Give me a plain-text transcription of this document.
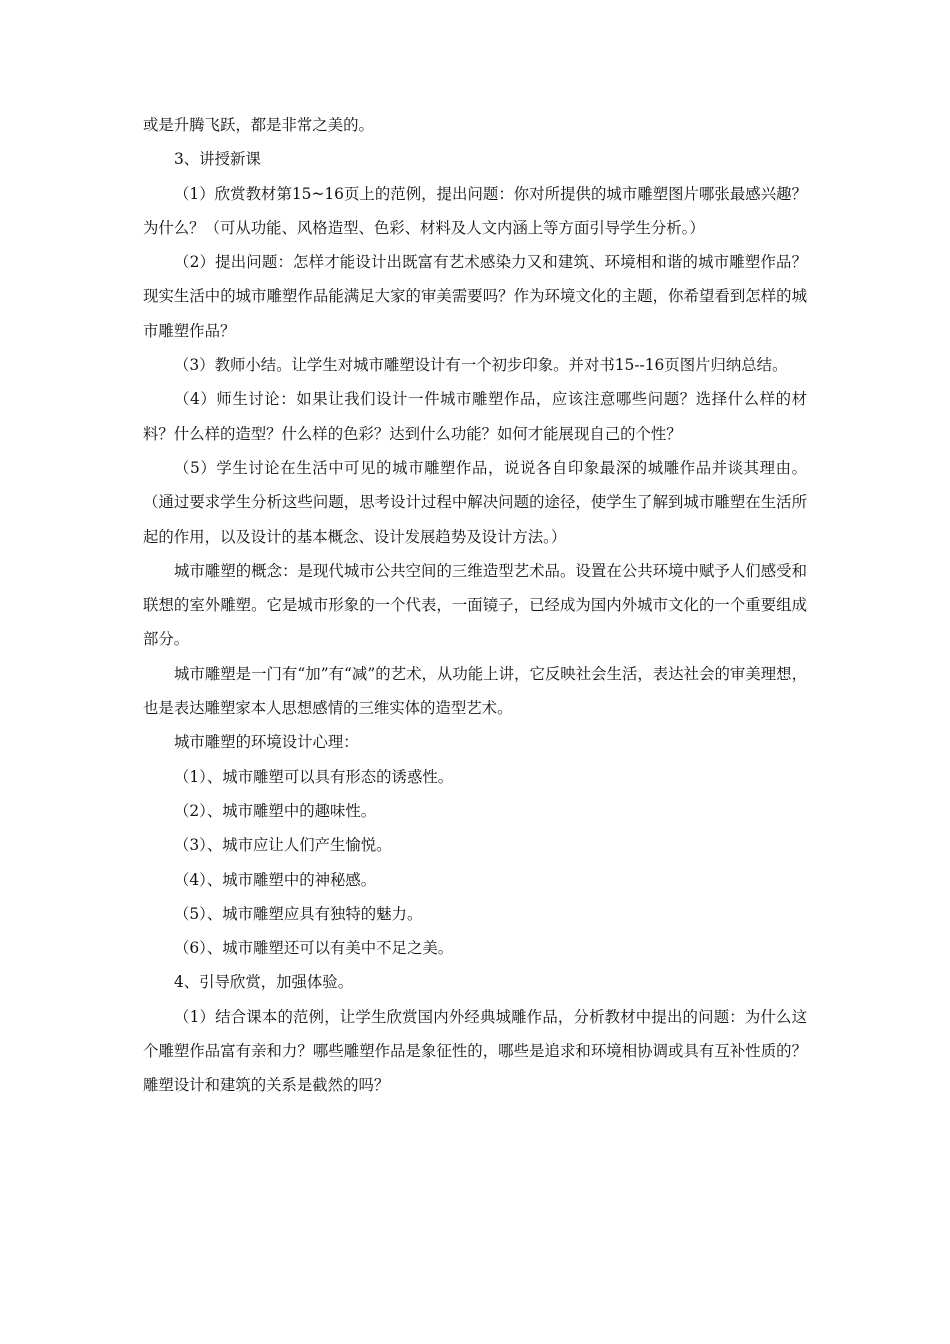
或是升腾飞跃，都是非常之美的。

3、讲授新课

（1）欣赏教材第15~16页上的范例，提出问题：你对所提供的城市雕塑图片哪张最感兴趣？为什么？（可从功能、风格造型、色彩、材料及人文内涵上等方面引导学生分析。）

（2）提出问题：怎样才能设计出既富有艺术感染力又和建筑、环境相和谐的城市雕塑作品？现实生活中的城市雕塑作品能满足大家的审美需要吗？作为环境文化的主题，你希望看到怎样的城市雕塑作品？

（3）教师小结。让学生对城市雕塑设计有一个初步印象。并对书15--16页图片归纳总结。

（4）师生讨论：如果让我们设计一件城市雕塑作品，应该注意哪些问题？选择什么样的材料？什么样的造型？什么样的色彩？达到什么功能？如何才能展现自己的个性？

（5）学生讨论在生活中可见的城市雕塑作品，说说各自印象最深的城雕作品并谈其理由。（通过要求学生分析这些问题，思考设计过程中解决问题的途径，使学生了解到城市雕塑在生活所起的作用，以及设计的基本概念、设计发展趋势及设计方法。）

城市雕塑的概念：是现代城市公共空间的三维造型艺术品。设置在公共环境中赋予人们感受和联想的室外雕塑。它是城市形象的一个代表，一面镜子，已经成为国内外城市文化的一个重要组成部分。

城市雕塑是一门有“加”有“减”的艺术，从功能上讲，它反映社会生活，表达社会的审美理想，也是表达雕塑家本人思想感情的三维实体的造型艺术。

城市雕塑的环境设计心理：

（1）、城市雕塑可以具有形态的诱惑性。

（2）、城市雕塑中的趣味性。

（3）、城市应让人们产生愉悦。

（4）、城市雕塑中的神秘感。

（5）、城市雕塑应具有独特的魅力。

（6）、城市雕塑还可以有美中不足之美。

4、引导欣赏，加强体验。

（1）结合课本的范例，让学生欣赏国内外经典城雕作品，分析教材中提出的问题：为什么这个雕塑作品富有亲和力？哪些雕塑作品是象征性的，哪些是追求和环境相协调或具有互补性质的？雕塑设计和建筑的关系是截然的吗？
